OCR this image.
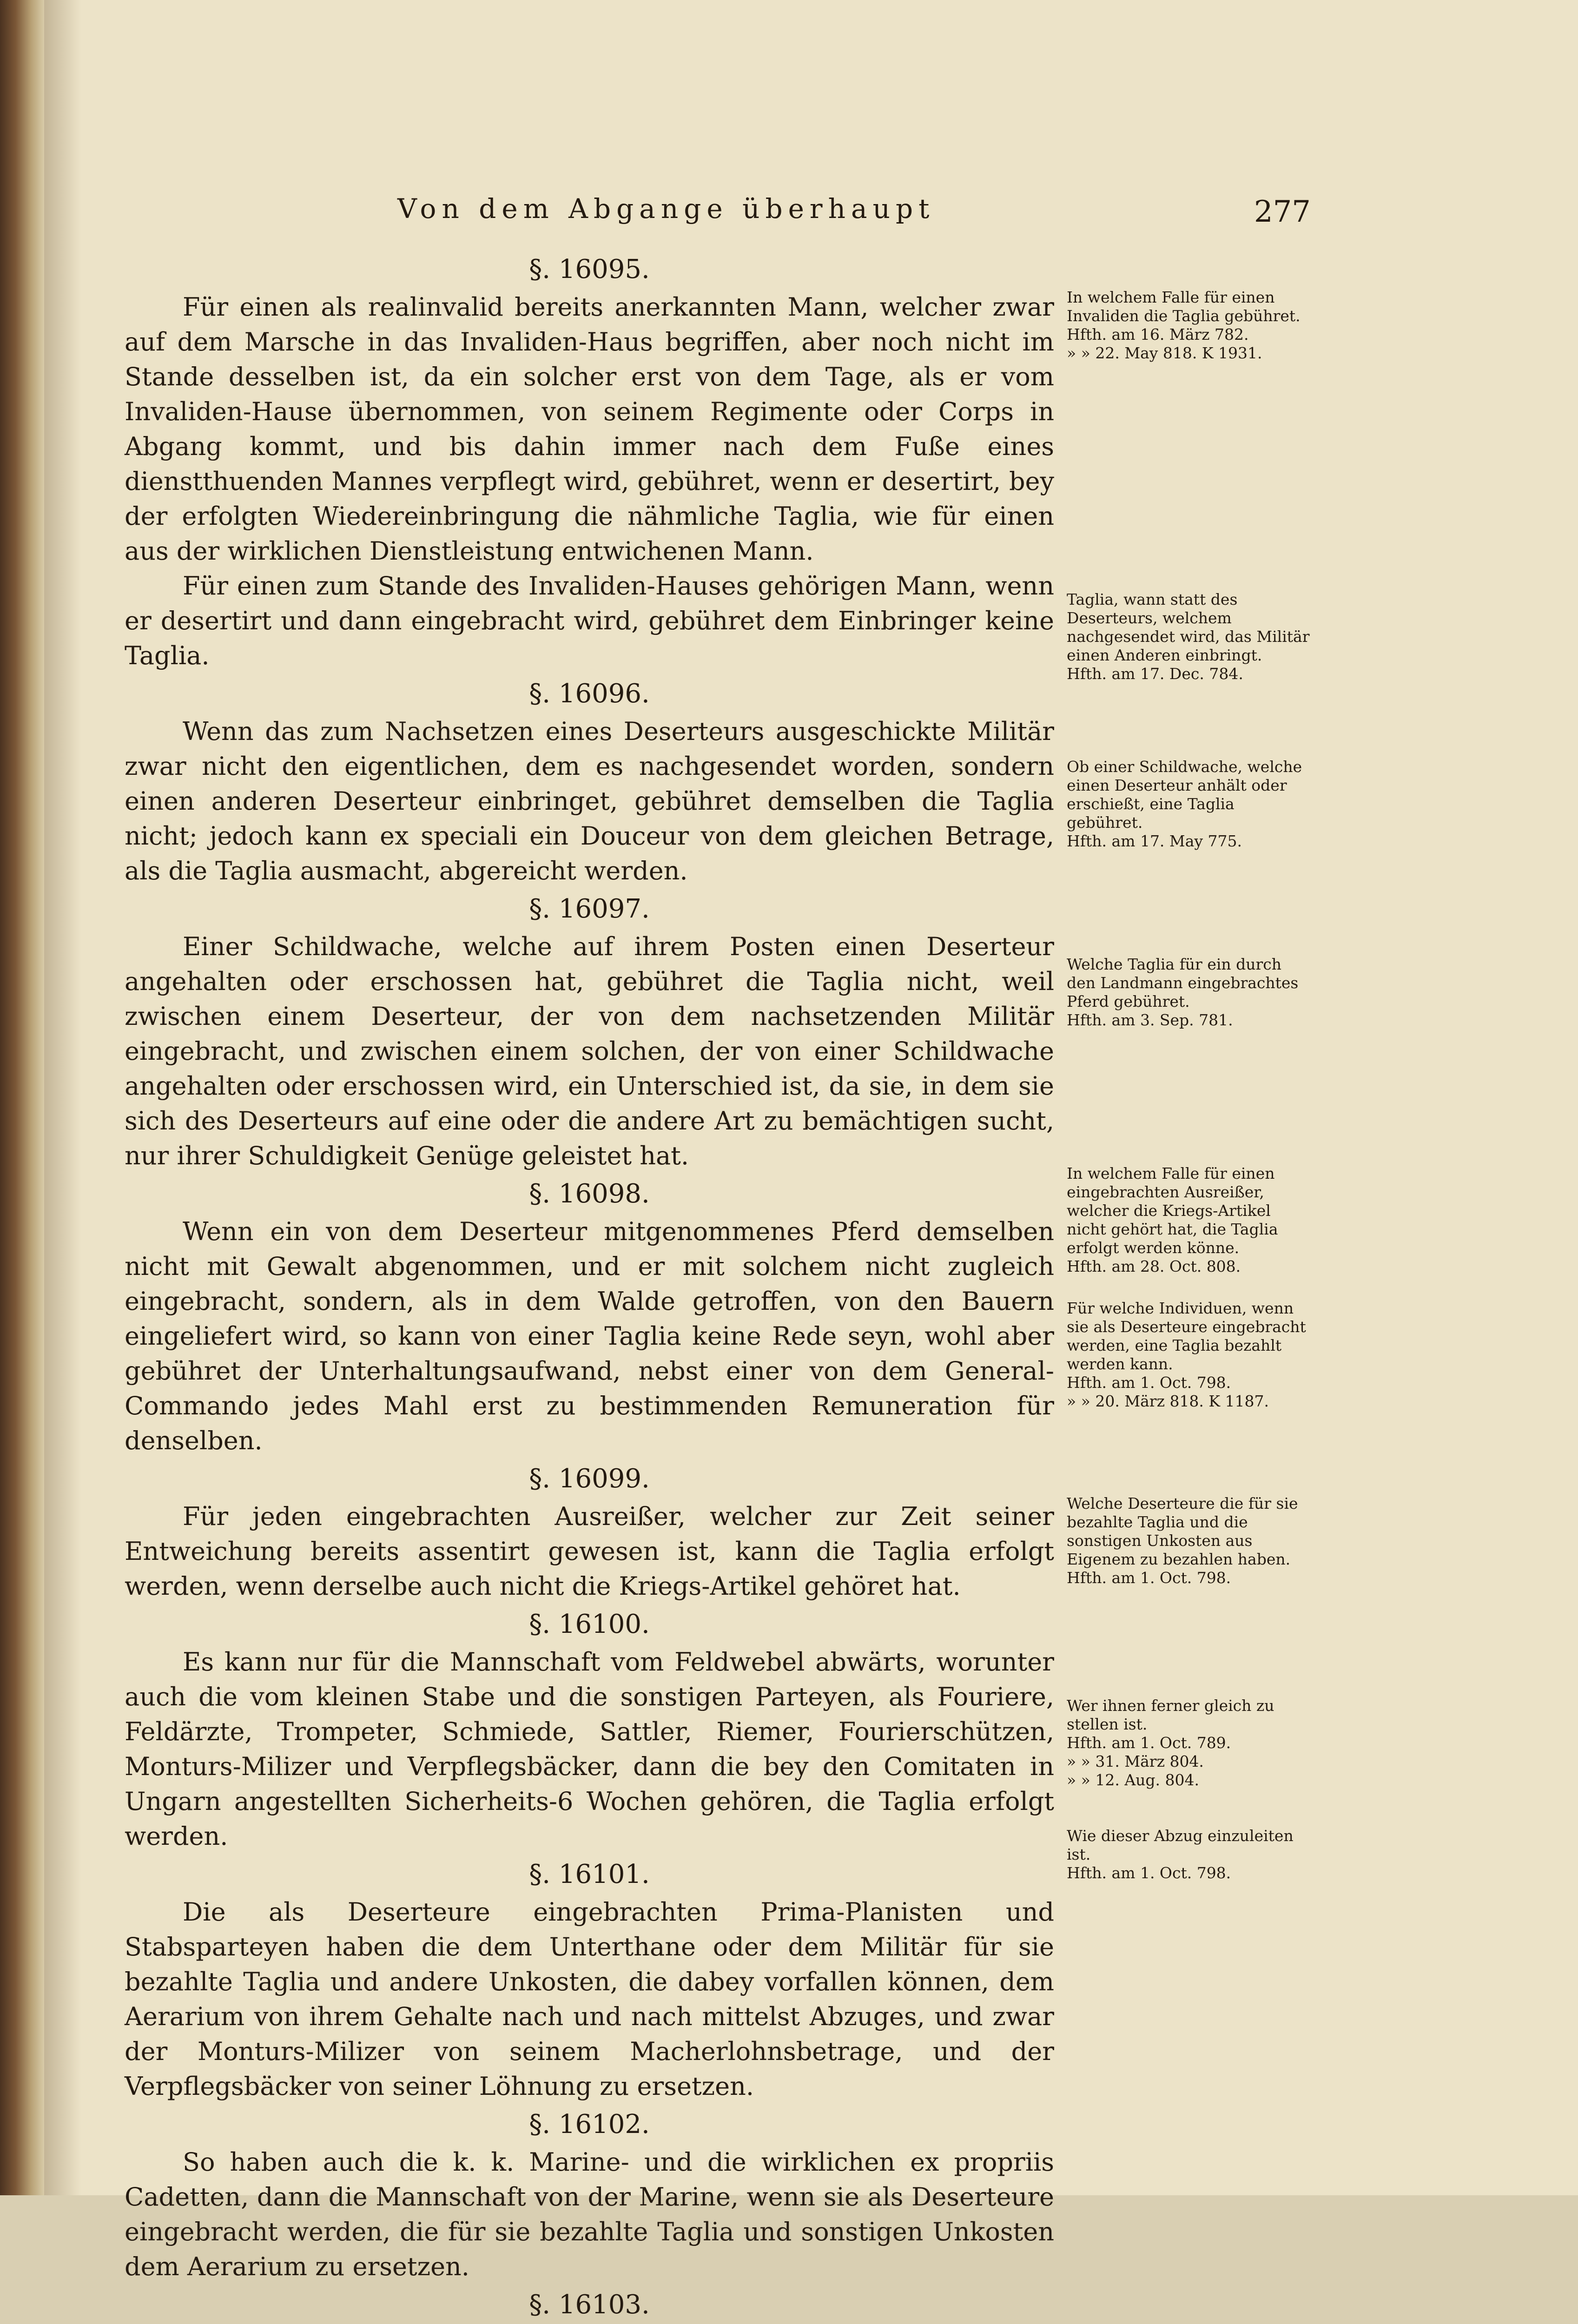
Von dem Abgange überhaupt	277
§. 16095.

Für einen als realinvalid bereits anerkannten Mann, welcher zwar auf dem Marsche in das Invaliden-Haus begriffen, aber noch nicht im Stande desselben ist, da ein solcher erst von dem Tage, als er vom Invaliden-Hause übernommen, von seinem Regimente oder Corps in Abgang kommt, und bis dahin immer nach dem Fuße eines dienstthuenden Mannes verpflegt wird, gebühret, wenn er desertirt, bey der erfolgten Wiedereinbringung die nähmliche Taglia, wie für einen aus der wirklichen Dienstleistung entwichenen Mann.

Für einen zum Stande des Invaliden-Hauses gehörigen Mann, wenn er desertirt und dann eingebracht wird, gebühret dem Einbringer keine Taglia.

§. 16096.

Wenn das zum Nachsetzen eines Deserteurs ausgeschickte Militär zwar nicht den eigentlichen, dem es nachgesendet worden, sondern einen anderen Deserteur einbringet, gebühret demselben die Taglia nicht; jedoch kann ex speciali ein Douceur von dem gleichen Betrage, als die Taglia ausmacht, abgereicht werden.

§. 16097.

Einer Schildwache, welche auf ihrem Posten einen Deserteur angehalten oder erschossen hat, gebühret die Taglia nicht, weil zwischen einem Deserteur, der von dem nachsetzenden Militär eingebracht, und zwischen einem solchen, der von einer Schildwache angehalten oder erschossen wird, ein Unterschied ist, da sie, in dem sie sich des Deserteurs auf eine oder die andere Art zu bemächtigen sucht, nur ihrer Schuldigkeit Genüge geleistet hat.

§. 16098.

Wenn ein von dem Deserteur mitgenommenes Pferd demselben nicht mit Gewalt abgenommen, und er mit solchem nicht zugleich eingebracht, sondern, als in dem Walde getroffen, von den Bauern eingeliefert wird, so kann von einer Taglia keine Rede seyn, wohl aber gebühret der Unterhaltungsaufwand, nebst einer von dem General-Commando jedes Mahl erst zu bestimmenden Remuneration für denselben.

§. 16099.

Für jeden eingebrachten Ausreißer, welcher zur Zeit seiner Entweichung bereits assentirt gewesen ist, kann die Taglia erfolgt werden, wenn derselbe auch nicht die Kriegs-Artikel gehöret hat.

§. 16100.

Es kann nur für die Mannschaft vom Feldwebel abwärts, worunter auch die vom kleinen Stabe und die sonstigen Parteyen, als Fouriere, Feldärzte, Trompeter, Schmiede, Sattler, Riemer, Fourierschützen, Monturs-Milizer und Verpflegsbäcker, dann die bey den Comitaten in Ungarn angestellten Sicherheits-6 Wochen gehören, die Taglia erfolgt werden.

§. 16101.

Die als Deserteure eingebrachten Prima-Planisten und Stabsparteyen haben die dem Unterthane oder dem Militär für sie bezahlte Taglia und andere Unkosten, die dabey vorfallen können, dem Aerarium von ihrem Gehalte nach und nach mittelst Abzuges, und zwar der Monturs-Milizer von seinem Macherlohnsbetrage, und der Verpflegsbäcker von seiner Löhnung zu ersetzen.

§. 16102.

So haben auch die k. k. Marine- und die wirklichen ex propriis Cadetten, dann die Mannschaft von der Marine, wenn sie als Deserteure eingebracht werden, die für sie bezahlte Taglia und sonstigen Unkosten dem Aerarium zu ersetzen.

§. 16103.

In welchem Falle für einen Invaliden die Taglia gebühret.
Hfth. am 16. März 782.
» » 22. May 818. K 1931.
Taglia, wann statt des Deserteurs, welchem nachgesendet wird, das Militär einen Anderen einbringt.
Hfth. am 17. Dec. 784.
Ob einer Schildwache, welche einen Deserteur anhält oder erschießt, eine Taglia gebühret.
Hfth. am 17. May 775.
Welche Taglia für ein durch den Landmann eingebrachtes Pferd gebühret.
Hfth. am 3. Sep. 781.
In welchem Falle für einen eingebrachten Ausreißer, welcher die Kriegs-Artikel nicht gehört hat, die Taglia erfolgt werden könne.
Hfth. am 28. Oct. 808.
Für welche Individuen, wenn sie als Deserteure eingebracht werden, eine Taglia bezahlt werden kann.
Hfth. am 1. Oct. 798.
» » 20. März 818. K 1187.
Welche Deserteure die für sie bezahlte Taglia und die sonstigen Unkosten aus Eigenem zu bezahlen haben.
Hfth. am 1. Oct. 798.
Wer ihnen ferner gleich zu stellen ist.
Hfth. am 1. Oct. 789.
» » 31. März 804.
» » 12. Aug. 804.
Wie dieser Abzug einzuleiten ist.
Hfth. am 1. Oct. 798.
